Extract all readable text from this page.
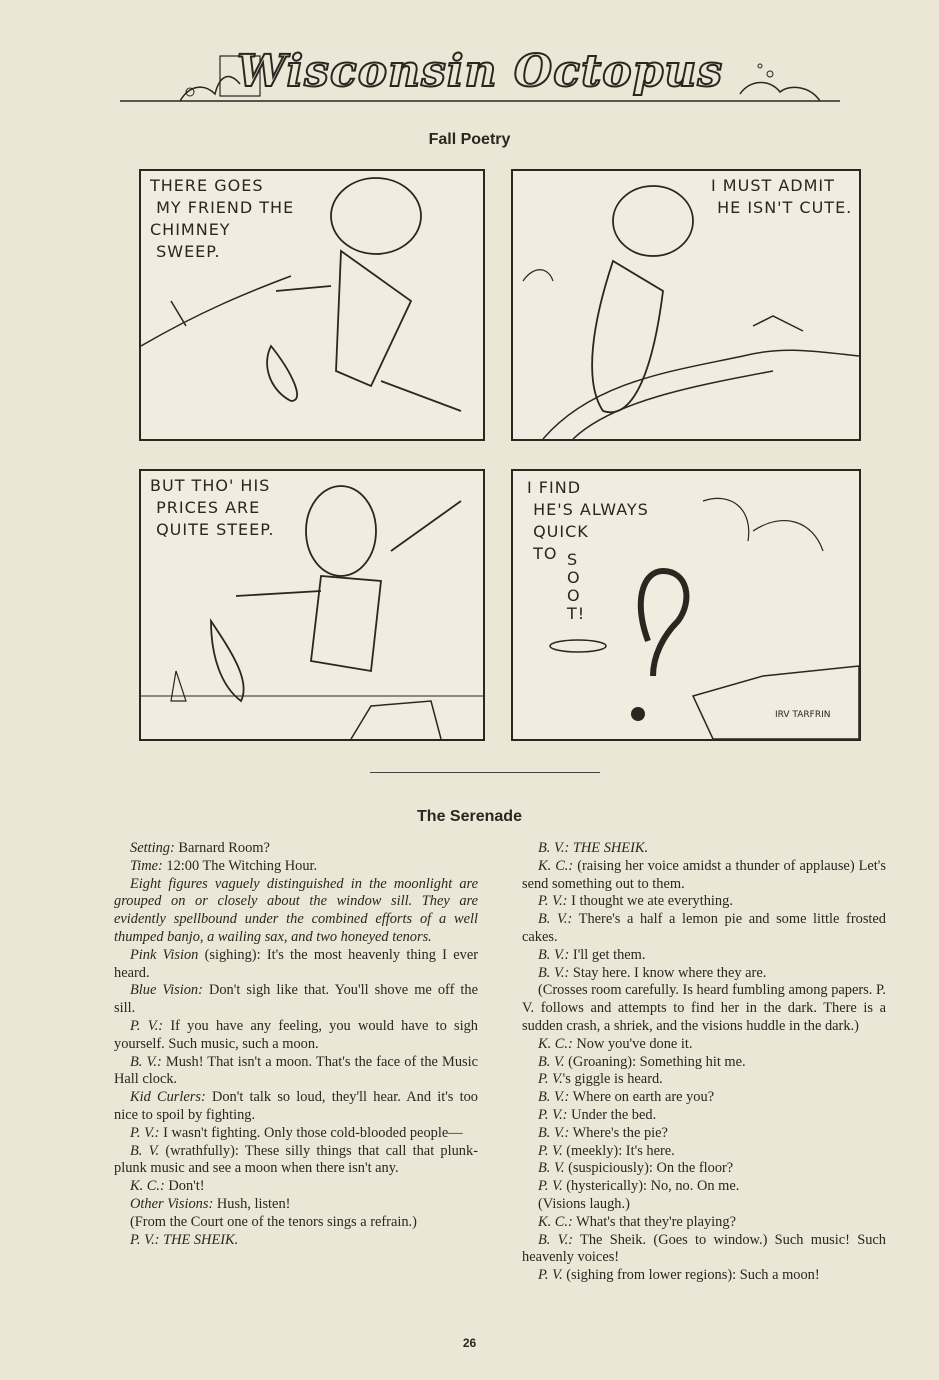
Wisconsin Octopus
Fall Poetry
THERE GOES
MY FRIEND THE
CHIMNEY
SWEEP.
I MUST ADMIT
HE ISN'T CUTE.
BUT THO' HIS
PRICES ARE
QUITE STEEP.
I FIND
HE'S ALWAYS
QUICK
TO SOOT!
IRV TARFRIN
The Serenade

Setting: Barnard Room?

Time: 12:00 The Witching Hour.

Eight figures vaguely distinguished in the moonlight are grouped on or closely about the window sill. They are evidently spellbound under the combined efforts of a well thumped banjo, a wailing sax, and two honeyed tenors.

Pink Vision (sighing): It's the most heavenly thing I ever heard.

Blue Vision: Don't sigh like that. You'll shove me off the sill.

P. V.: If you have any feeling, you would have to sigh yourself. Such music, such a moon.

B. V.: Mush! That isn't a moon. That's the face of the Music Hall clock.

Kid Curlers: Don't talk so loud, they'll hear. And it's too nice to spoil by fighting.

P. V.: I wasn't fighting. Only those cold-blooded people—

B. V. (wrathfully): These silly things that call that plunk-plunk music and see a moon when there isn't any.

K. C.: Don't!

Other Visions: Hush, listen!

(From the Court one of the tenors sings a refrain.)

P. V.: THE SHEIK.

B. V.: THE SHEIK.

K. C.: (raising her voice amidst a thunder of applause) Let's send something out to them.

P. V.: I thought we ate everything.

B. V.: There's a half a lemon pie and some little frosted cakes.

B. V.: I'll get them.

B. V.: Stay here. I know where they are.

(Crosses room carefully. Is heard fumbling among papers. P. V. follows and attempts to find her in the dark. There is a sudden crash, a shriek, and the visions huddle in the dark.)

K. C.: Now you've done it.

B. V. (Groaning): Something hit me.

P. V.'s giggle is heard.

B. V.: Where on earth are you?

P. V.: Under the bed.

B. V.: Where's the pie?

P. V. (meekly): It's here.

B. V. (suspiciously): On the floor?

P. V. (hysterically): No, no. On me.

(Visions laugh.)

K. C.: What's that they're playing?

B. V.: The Sheik. (Goes to window.) Such music! Such heavenly voices!

P. V. (sighing from lower regions): Such a moon!

26
